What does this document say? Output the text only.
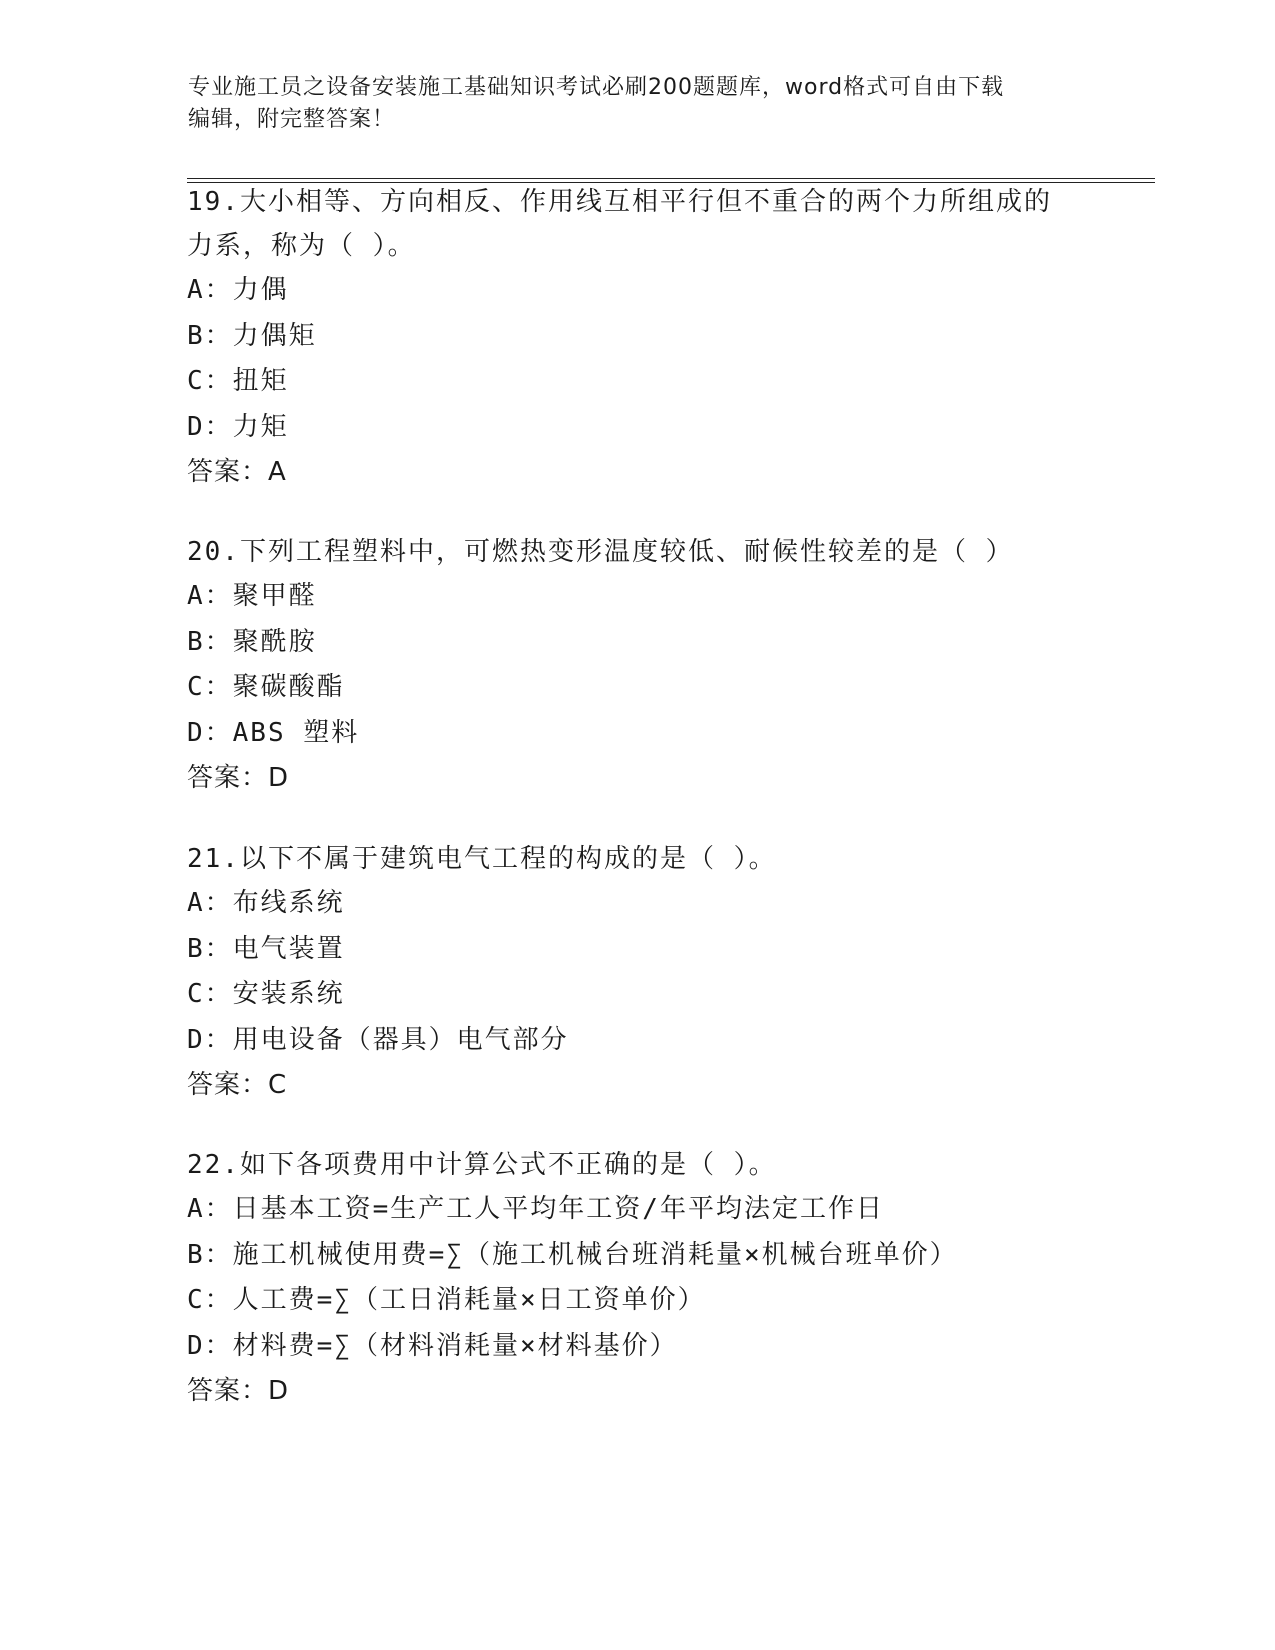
专业施工员之设备安装施工基础知识考试必刷200题题库，word格式可自由下载
编辑，附完整答案！
19.大小相等、方向相反、作用线互相平行但不重合的两个力所组成的
力系，称为（ ）。
A：力偶
B：力偶矩
C：扭矩
D：力矩
答案：A
20.下列工程塑料中，可燃热变形温度较低、耐候性较差的是（ ）
A：聚甲醛
B：聚酰胺
C：聚碳酸酯
D：ABS 塑料
答案：D
21.以下不属于建筑电气工程的构成的是（ ）。
A：布线系统
B：电气装置
C：安装系统
D：用电设备（器具）电气部分
答案：C
22.如下各项费用中计算公式不正确的是（ ）。
A：日基本工资=生产工人平均年工资/年平均法定工作日
B：施工机械使用费=∑（施工机械台班消耗量×机械台班单价）
C：人工费=∑（工日消耗量×日工资单价）
D：材料费=∑（材料消耗量×材料基价）
答案：D
